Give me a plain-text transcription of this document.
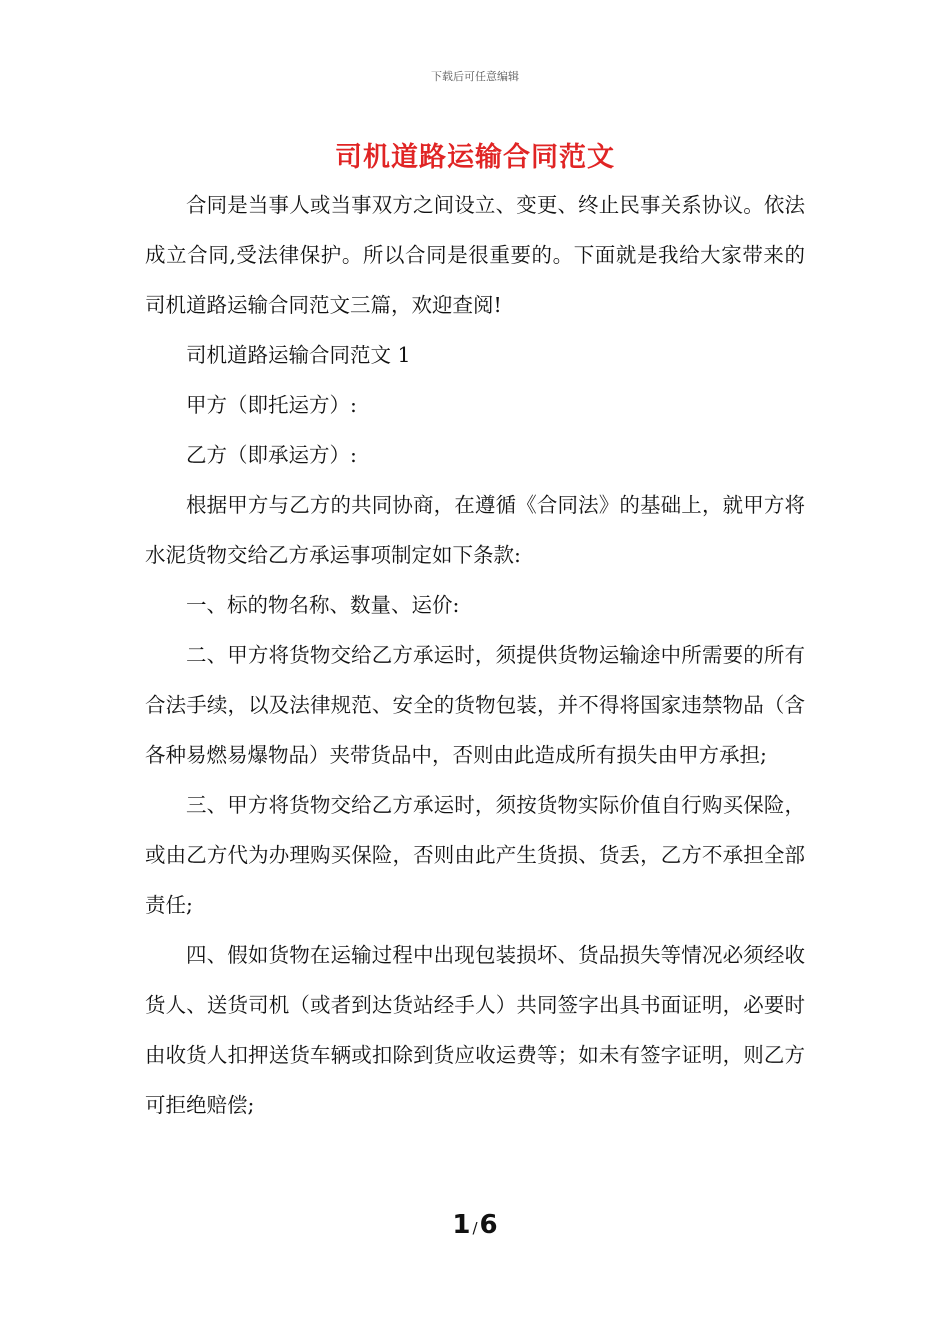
下载后可任意编辑
司机道路运输合同范文

合同是当事人或当事双方之间设立、变更、终止民事关系协议。依法成立合同,受法律保护。所以合同是很重要的。下面就是我给大家带来的司机道路运输合同范文三篇，欢迎查阅!

司机道路运输合同范文 1

甲方（即托运方）:

乙方（即承运方）:

根据甲方与乙方的共同协商，在遵循《合同法》的基础上，就甲方将水泥货物交给乙方承运事项制定如下条款:

一、标的物名称、数量、运价:

二、甲方将货物交给乙方承运时，须提供货物运输途中所需要的所有合法手续，以及法律规范、安全的货物包装，并不得将国家违禁物品（含各种易燃易爆物品）夹带货品中，否则由此造成所有损失由甲方承担;

三、甲方将货物交给乙方承运时，须按货物实际价值自行购买保险，或由乙方代为办理购买保险，否则由此产生货损、货丢，乙方不承担全部责任;

四、假如货物在运输过程中出现包装损坏、货品损失等情况必须经收货人、送货司机（或者到达货站经手人）共同签字出具书面证明，必要时由收货人扣押送货车辆或扣除到货应收运费等；如未有签字证明，则乙方可拒绝赔偿;

1 /6
